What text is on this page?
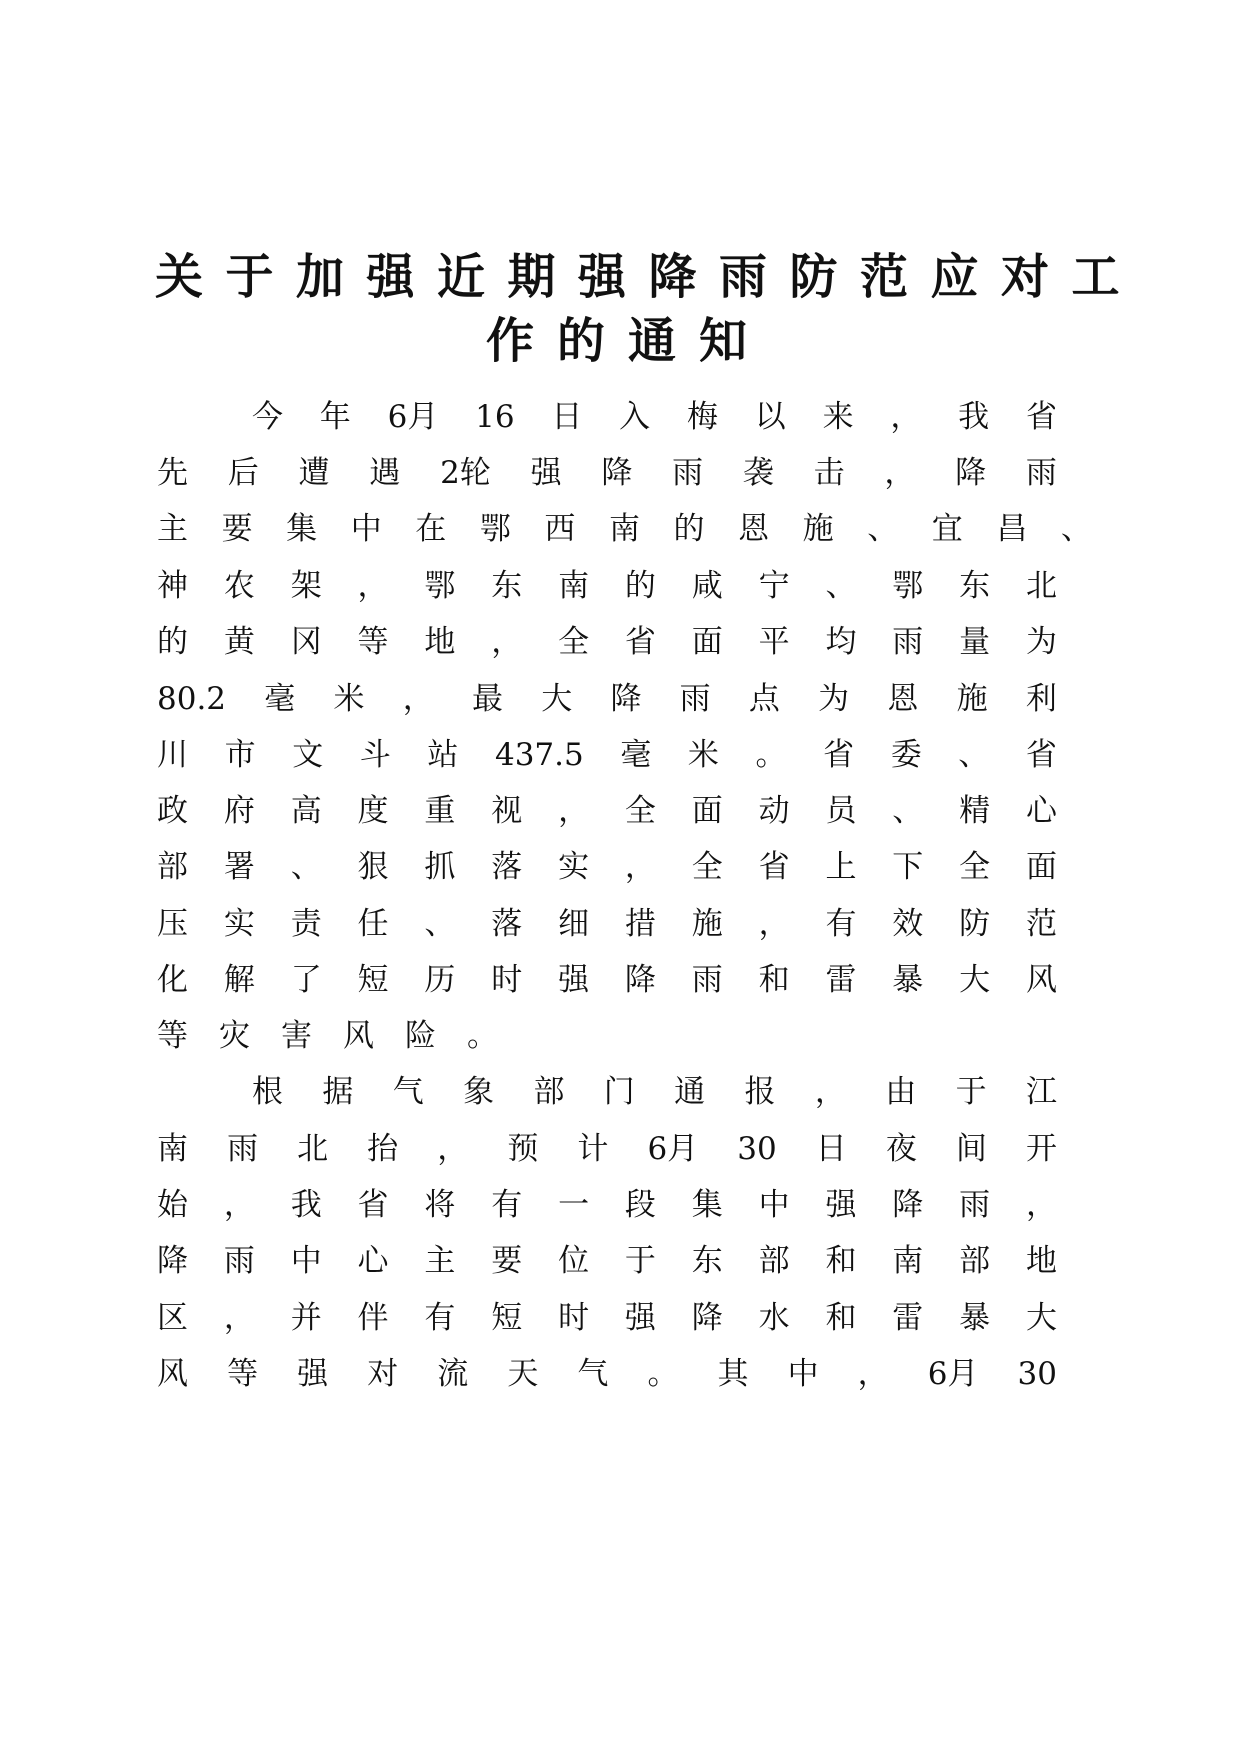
关于加强近期强降雨防范应对工
作的通知
今 年 6月 16 日 入 梅 以 来 ， 我 省
先 后 遭 遇 2轮 强 降 雨 袭 击 ， 降 雨
主 要 集 中 在 鄂 西 南 的 恩 施 、 宜 昌 、
神 农 架 ， 鄂 东 南 的 咸 宁 、 鄂 东 北
的 黄 冈 等 地 ， 全 省 面 平 均 雨 量 为
80.2 毫 米 ， 最 大 降 雨 点 为 恩 施 利
川 市 文 斗 站 437.5 毫 米 。 省 委 、 省
政 府 高 度 重 视 ， 全 面 动 员 、 精 心
部 署 、 狠 抓 落 实 ， 全 省 上 下 全 面
压 实 责 任 、 落 细 措 施 ， 有 效 防 范
化 解 了 短 历 时 强 降 雨 和 雷 暴 大 风
等 灾 害 风 险 。
根 据 气 象 部 门 通 报 ， 由 于 江
南 雨 北 抬 ， 预 计 6月 30 日 夜 间 开
始 ， 我 省 将 有 一 段 集 中 强 降 雨 ，
降 雨 中 心 主 要 位 于 东 部 和 南 部 地
区 ， 并 伴 有 短 时 强 降 水 和 雷 暴 大
风 等 强 对 流 天 气 。 其 中 ， 6月 30
